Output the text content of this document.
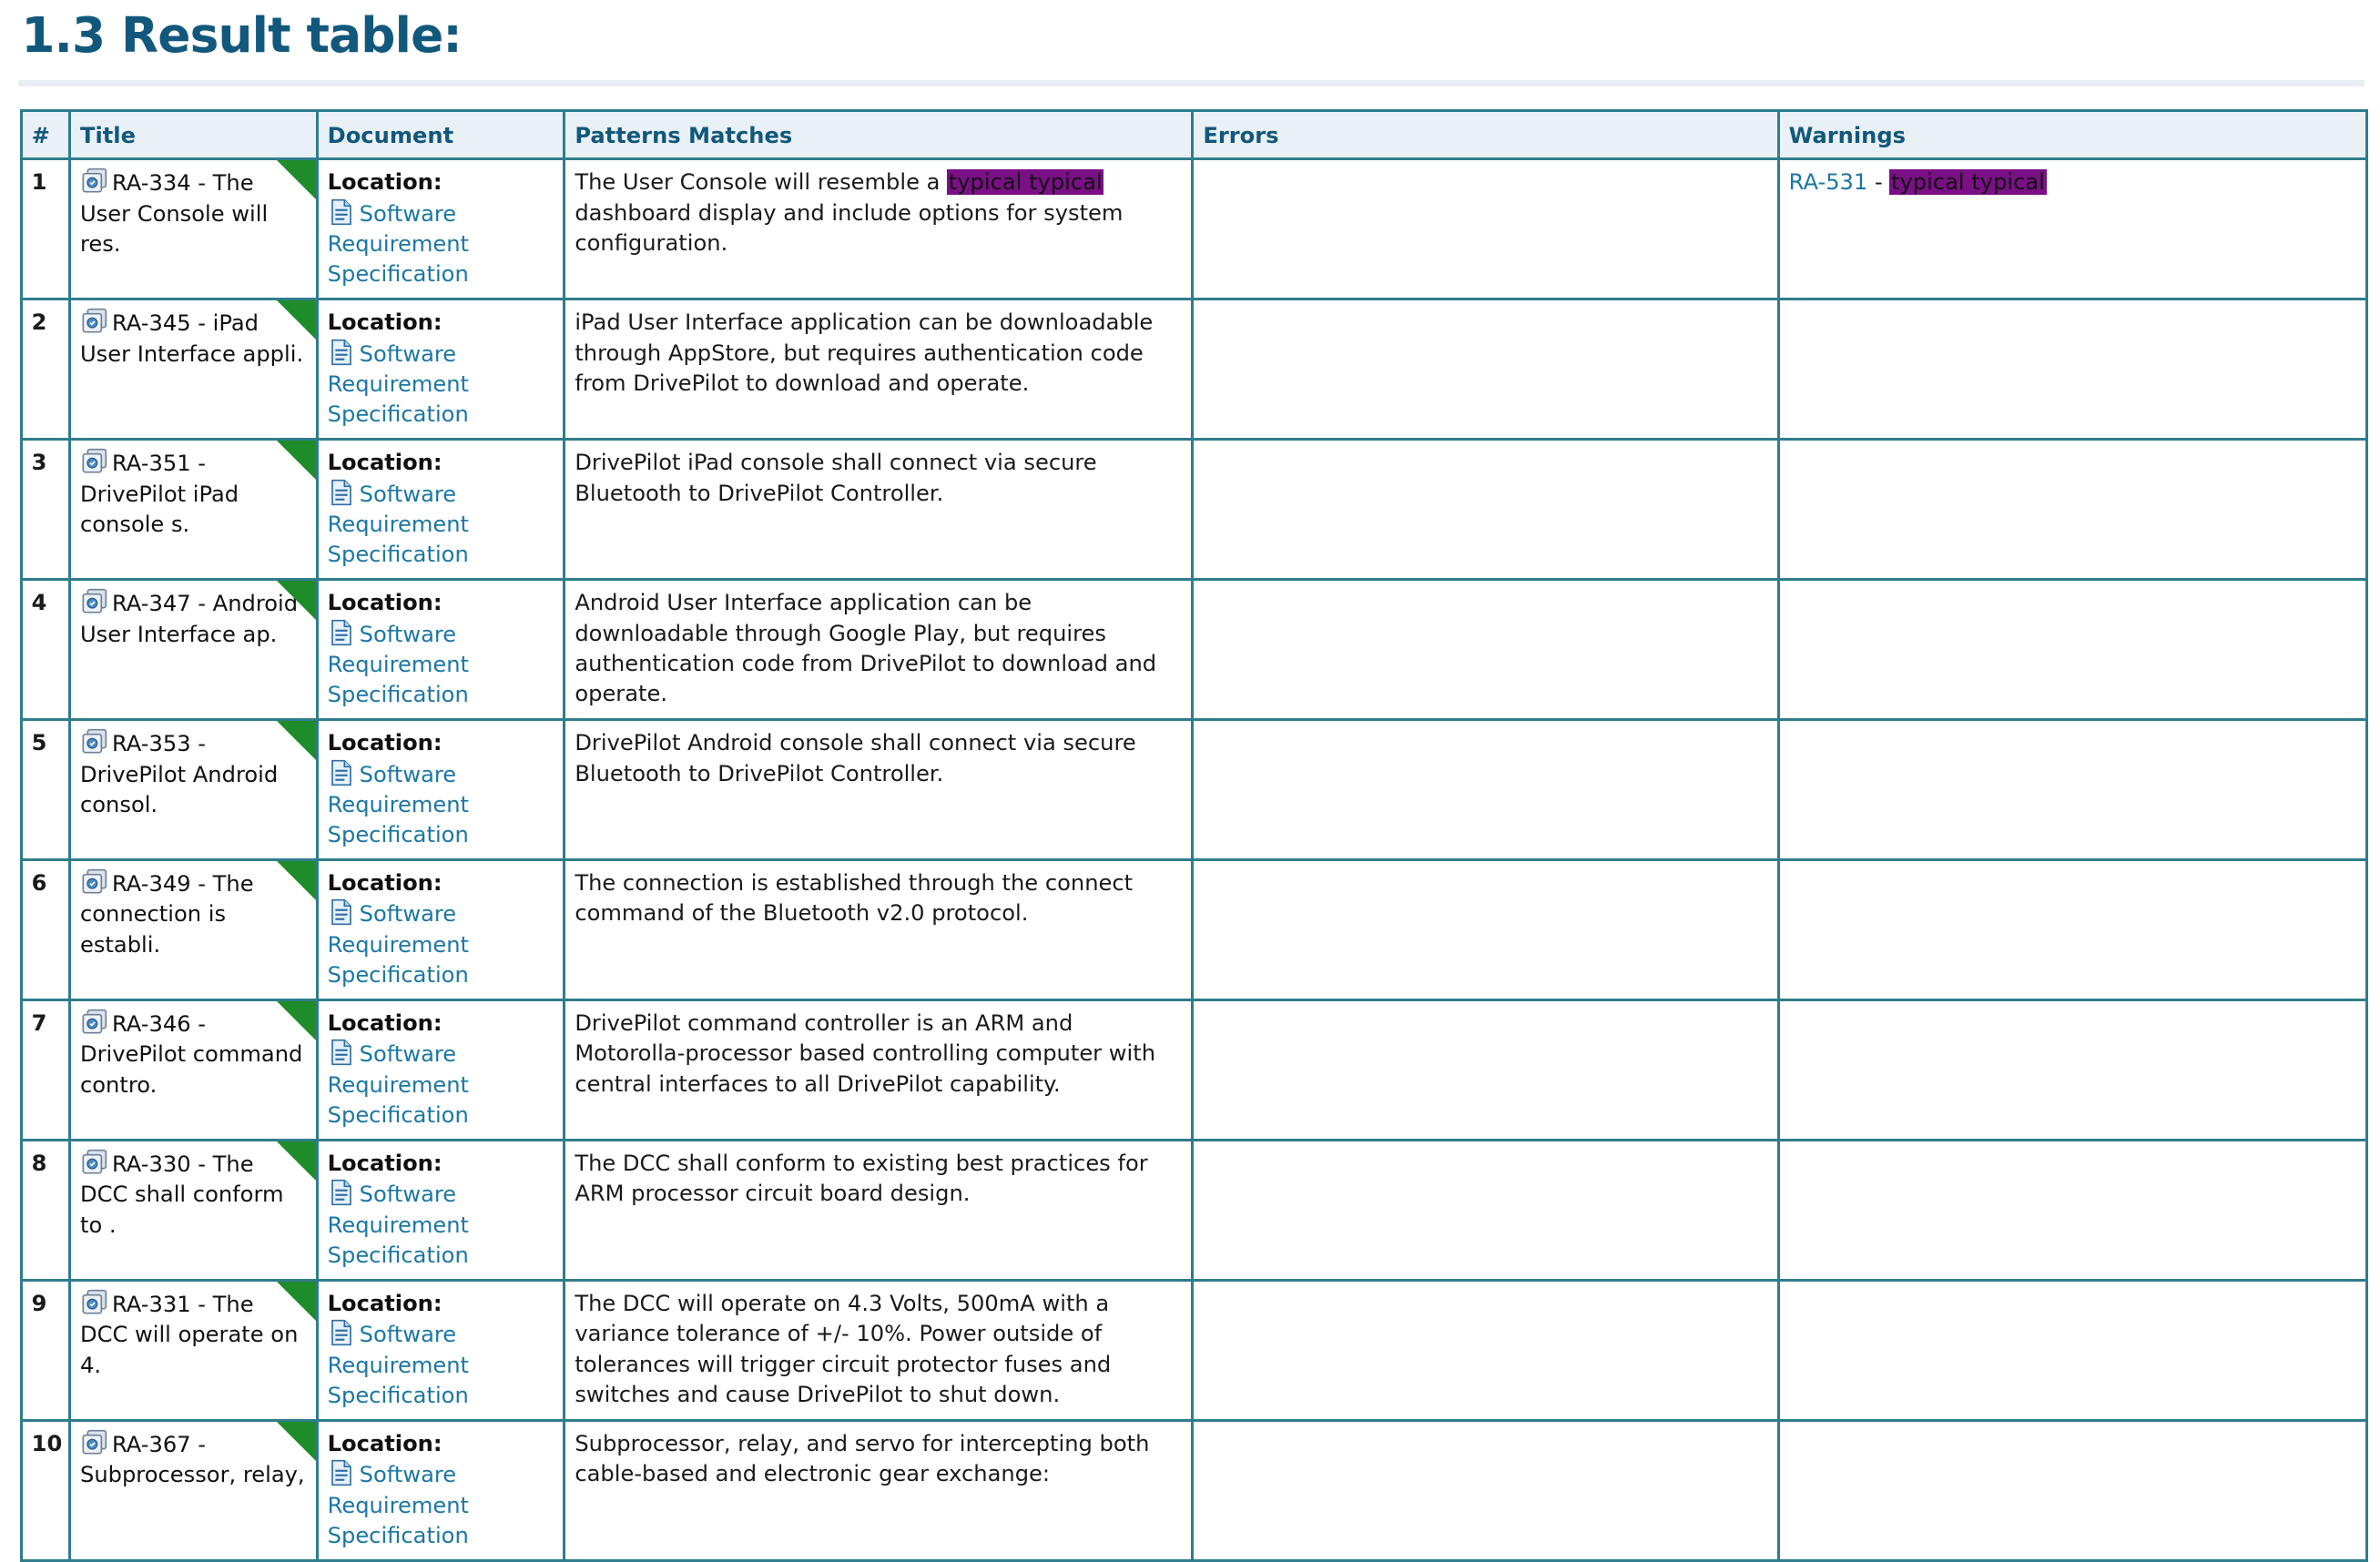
1.3 Result table:
#	Title	Document	Patterns Matches	Errors	Warnings
1	RA-334 - The User Console will res.	Location:
Software Requirement Specification	The User Console will resemble a typical typical dashboard display and include options for system configuration.		RA-531 - typical typical
2	RA-345 - iPad User Interface appli.	Location:
Software Requirement Specification	iPad User Interface application can be downloadable through AppStore, but requires authentication code from DrivePilot to download and operate.		
3	RA-351 - DrivePilot iPad console s.	Location:
Software Requirement Specification	DrivePilot iPad console shall connect via secure Bluetooth to DrivePilot Controller.		
4	RA-347 - Android User Interface ap.	Location:
Software Requirement Specification	Android User Interface application can be downloadable through Google Play, but requires authentication code from DrivePilot to download and operate.		
5	RA-353 - DrivePilot Android consol.	Location:
Software Requirement Specification	DrivePilot Android console shall connect via secure Bluetooth to DrivePilot Controller.		
6	RA-349 - The connection is establi.	Location:
Software Requirement Specification	The connection is established through the connect command of the Bluetooth v2.0 protocol.		
7	RA-346 - DrivePilot command contro.	Location:
Software Requirement Specification	DrivePilot command controller is an ARM and Motorolla-processor based controlling computer with central interfaces to all DrivePilot capability.		
8	RA-330 - The DCC shall conform to .	Location:
Software Requirement Specification	The DCC shall conform to existing best practices for ARM processor circuit board design.		
9	RA-331 - The DCC will operate on 4.	Location:
Software Requirement Specification	The DCC will operate on 4.3 Volts, 500mA with a variance tolerance of +/- 10%. Power outside of tolerances will trigger circuit protector fuses and switches and cause DrivePilot to shut down.		
10	RA-367 - Subprocessor, relay,	Location:
Software Requirement Specification	Subprocessor, relay, and servo for intercepting both cable-based and electronic gear exchange:		
